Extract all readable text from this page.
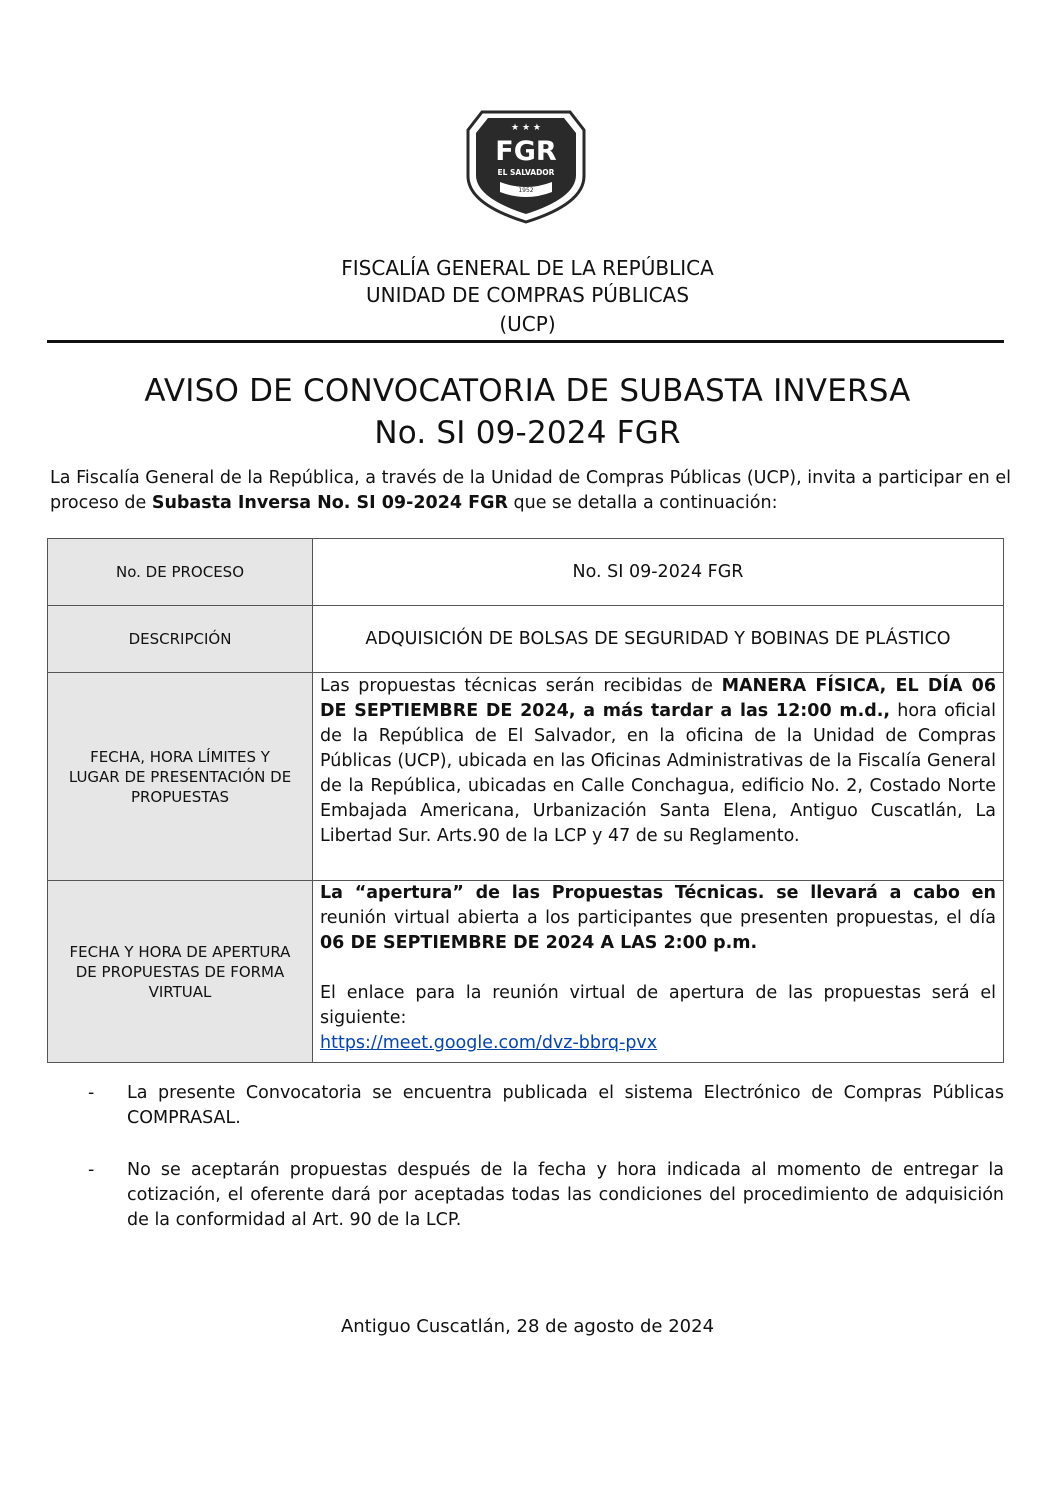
★ ★ ★
FGR
EL SALVADOR
1952
FISCALÍA GENERAL DE LA REPÚBLICA
UNIDAD DE COMPRAS PÚBLICAS
(UCP)
AVISO DE CONVOCATORIA DE SUBASTA INVERSA
No. SI 09-2024 FGR
La Fiscalía General de la República, a través de la Unidad de Compras Públicas (UCP), invita a participar en el proceso de Subasta Inversa No. SI 09-2024 FGR que se detalla a continuación:
No. DE PROCESO	No. SI 09-2024 FGR
DESCRIPCIÓN	ADQUISICIÓN DE BOLSAS DE SEGURIDAD Y BOBINAS DE PLÁSTICO
FECHA, HORA LÍMITES Y LUGAR DE PRESENTACIÓN DE PROPUESTAS	Las propuestas técnicas serán recibidas de MANERA FÍSICA, EL DÍA 06 DE SEPTIEMBRE DE 2024, a más tardar a las 12:00 m.d., hora oficial de la República de El Salvador, en la oficina de la Unidad de Compras Públicas (UCP), ubicada en las Oficinas Administrativas de la Fiscalía General de la República, ubicadas en Calle Conchagua, edificio No. 2, Costado Norte Embajada Americana, Urbanización Santa Elena, Antiguo Cuscatlán, La Libertad Sur. Arts.90 de la LCP y 47 de su Reglamento.

FECHA Y HORA DE APERTURA DE PROPUESTAS DE FORMA VIRTUAL	La “apertura” de las Propuestas Técnicas. se llevará a cabo en reunión virtual abierta a los participantes que presenten propuestas, el día 06 DE SEPTIEMBRE DE 2024 A LAS 2:00 p.m.
El enlace para la reunión virtual de apertura de las propuestas será el siguiente:
https://meet.google.com/dvz-bbrq-pvx
- La presente Convocatoria se encuentra publicada el sistema Electrónico de Compras Públicas COMPRASAL.
- No se aceptarán propuestas después de la fecha y hora indicada al momento de entregar la cotización, el oferente dará por aceptadas todas las condiciones del procedimiento de adquisición de la conformidad al Art. 90 de la LCP.
Antiguo Cuscatlán, 28 de agosto de 2024
